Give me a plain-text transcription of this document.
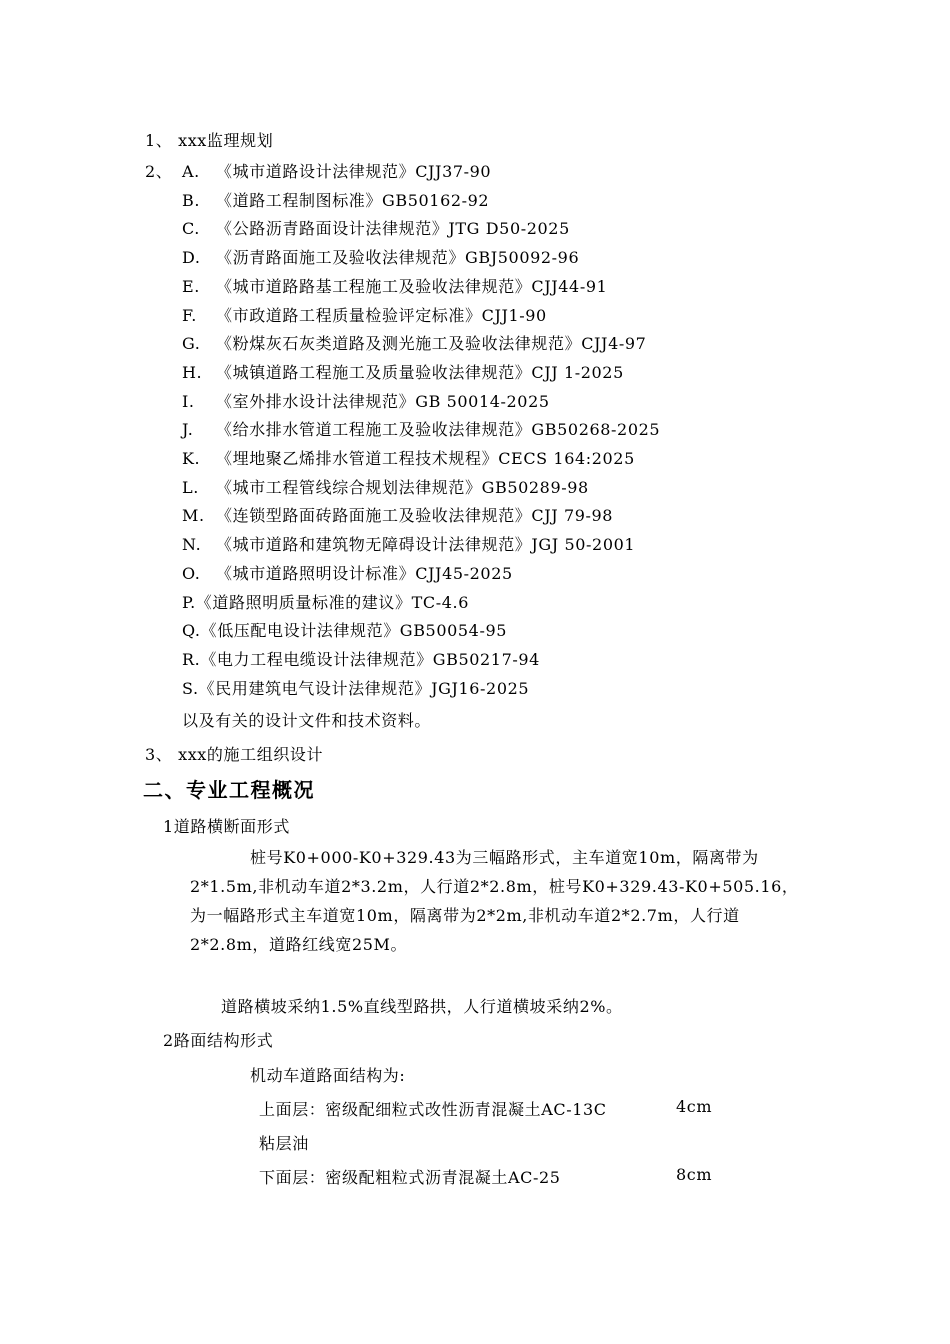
1、 xxx监理规划
2、 A. 《城市道路设计法律规范》CJJ37-90
B. 《道路工程制图标准》GB50162-92
C. 《公路沥青路面设计法律规范》JTG D50-2025
D. 《沥青路面施工及验收法律规范》GBJ50092-96
E. 《城市道路路基工程施工及验收法律规范》CJJ44-91
F. 《市政道路工程质量检验评定标准》CJJ1-90
G. 《粉煤灰石灰类道路及测光施工及验收法律规范》CJJ4-97
H. 《城镇道路工程施工及质量验收法律规范》CJJ 1-2025
I. 《室外排水设计法律规范》GB 50014-2025
J. 《给水排水管道工程施工及验收法律规范》GB50268-2025
K. 《埋地聚乙烯排水管道工程技术规程》CECS 164:2025
L. 《城市工程管线综合规划法律规范》GB50289-98
M. 《连锁型路面砖路面施工及验收法律规范》CJJ 79-98
N. 《城市道路和建筑物无障碍设计法律规范》JGJ 50-2001
O. 《城市道路照明设计标准》CJJ45-2025
P.《道路照明质量标准的建议》TC-4.6
Q.《低压配电设计法律规范》GB50054-95
R.《电力工程电缆设计法律规范》GB50217-94
S.《民用建筑电气设计法律规范》JGJ16-2025
以及有关的设计文件和技术资料。
3、 xxx的施工组织设计
二、专业工程概况
1道路横断面形式
桩号K0+000-K0+329.43为三幅路形式，主车道宽10m，隔离带为2*1.5m,非机动车道2*3.2m，人行道2*2.8m，桩号K0+329.43-K0+505.16，为一幅路形式主车道宽10m，隔离带为2*2m,非机动车道2*2.7m，人行道2*2.8m，道路红线宽25M。
道路横坡采纳1.5%直线型路拱，人行道横坡采纳2%。
2路面结构形式
机动车道路面结构为:
上面层：密级配细粒式改性沥青混凝土AC-13C	4cm
粘层油
下面层：密级配粗粒式沥青混凝土AC-25	8cm
